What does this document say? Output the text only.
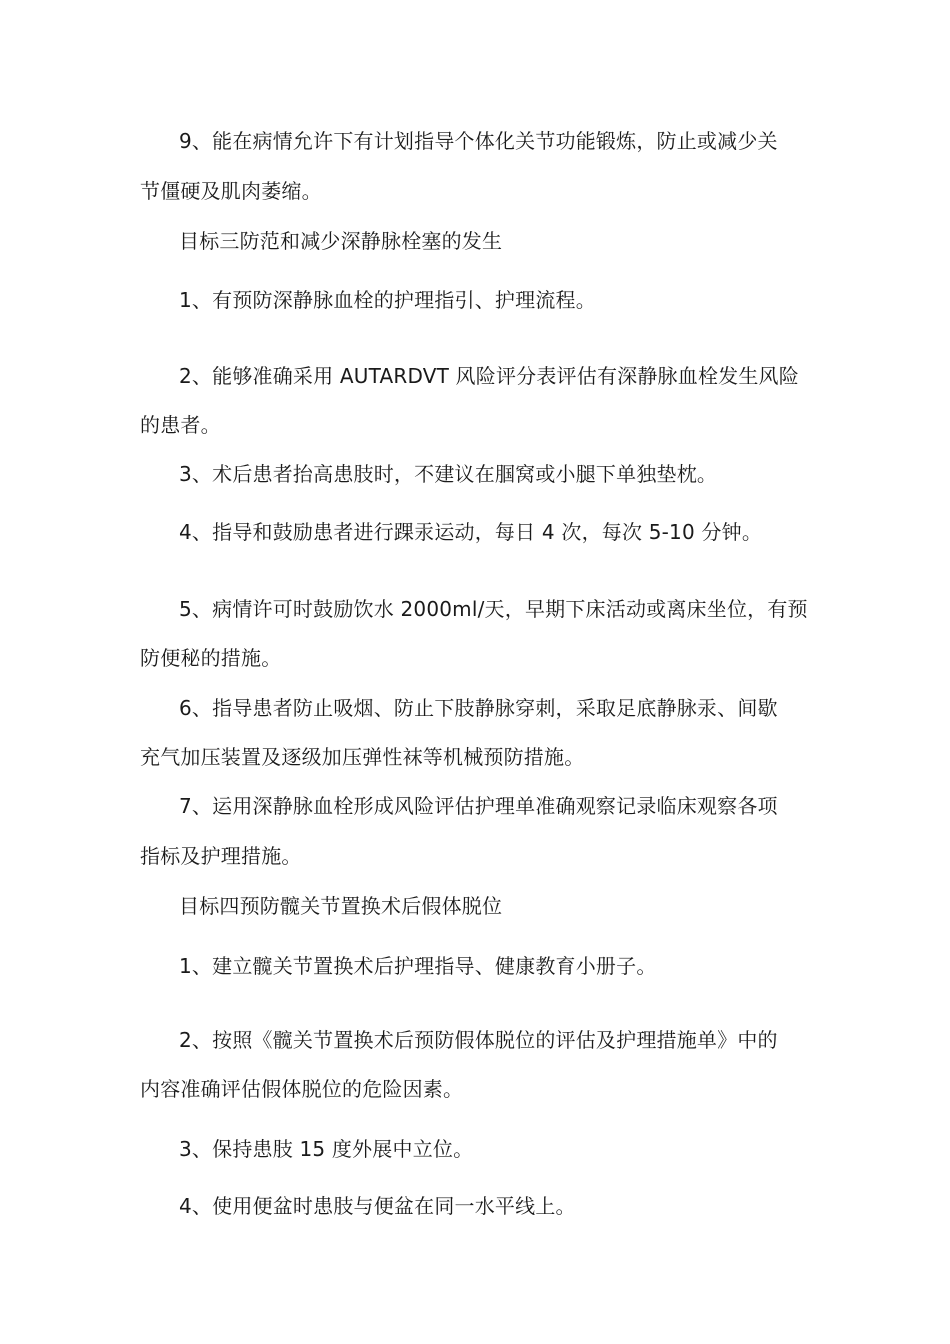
9、能在病情允许下有计划指导个体化关节功能锻炼，防止或减少关
节僵硬及肌肉萎缩。
目标三防范和减少深静脉栓塞的发生
1、有预防深静脉血栓的护理指引、护理流程。
2、能够准确采用 AUTARDVT 风险评分表评估有深静脉血栓发生风险
的患者。
3、术后患者抬高患肢时，不建议在腘窝或小腿下单独垫枕。
4、指导和鼓励患者进行踝汞运动，每日 4 次，每次 5-10 分钟。
5、病情许可时鼓励饮水 2000ml/天，早期下床活动或离床坐位，有预
防便秘的措施。
6、指导患者防止吸烟、防止下肢静脉穿刺，采取足底静脉汞、间歇
充气加压装置及逐级加压弹性袜等机械预防措施。
7、运用深静脉血栓形成风险评估护理单准确观察记录临床观察各项
指标及护理措施。
目标四预防髋关节置换术后假体脱位
1、建立髋关节置换术后护理指导、健康教育小册子。
2、按照《髋关节置换术后预防假体脱位的评估及护理措施单》中的
内容准确评估假体脱位的危险因素。
3、保持患肢 15 度外展中立位。
4、使用便盆时患肢与便盆在同一水平线上。
